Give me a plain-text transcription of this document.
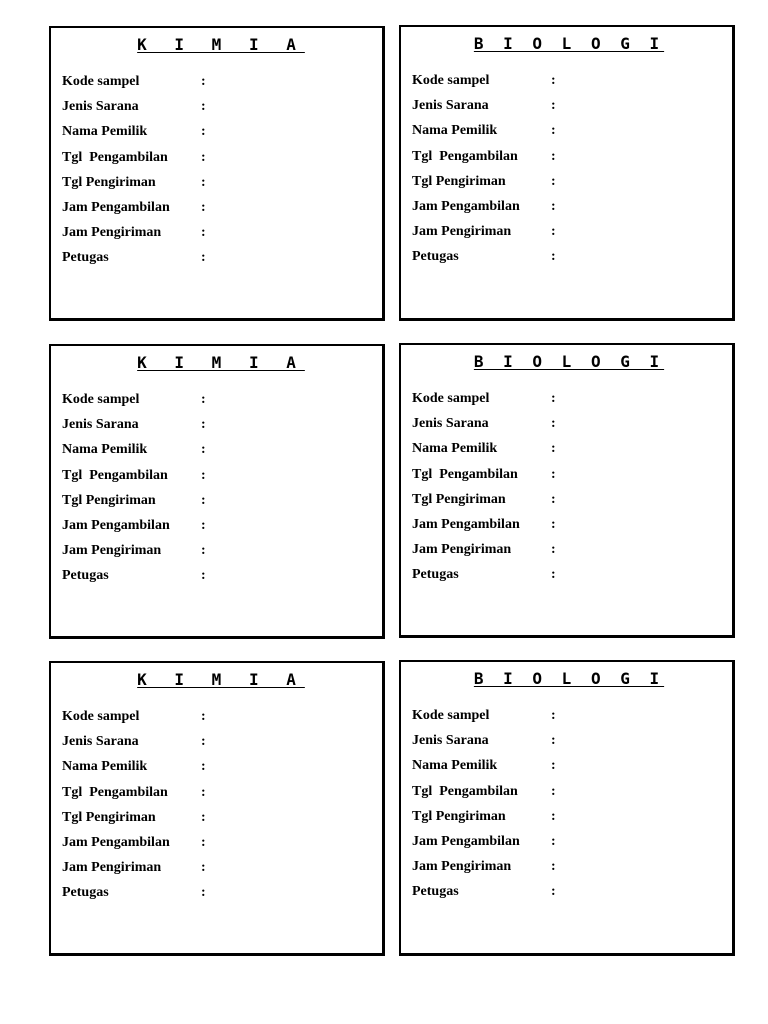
K I M I A
Kode sampel	:
Jenis Sarana	:
Nama Pemilik	:
Tgl  Pengambilan	:
Tgl Pengiriman	:
Jam Pengambilan	:
Jam Pengiriman	:
Petugas	:
B I O L O G I
Kode sampel	:
Jenis Sarana	:
Nama Pemilik	:
Tgl  Pengambilan	:
Tgl Pengiriman	:
Jam Pengambilan	:
Jam Pengiriman	:
Petugas	:
K I M I A
Kode sampel	:
Jenis Sarana	:
Nama Pemilik	:
Tgl  Pengambilan	:
Tgl Pengiriman	:
Jam Pengambilan	:
Jam Pengiriman	:
Petugas	:
B I O L O G I
Kode sampel	:
Jenis Sarana	:
Nama Pemilik	:
Tgl  Pengambilan	:
Tgl Pengiriman	:
Jam Pengambilan	:
Jam Pengiriman	:
Petugas	:
K I M I A
Kode sampel	:
Jenis Sarana	:
Nama Pemilik	:
Tgl  Pengambilan	:
Tgl Pengiriman	:
Jam Pengambilan	:
Jam Pengiriman	:
Petugas	:
B I O L O G I
Kode sampel	:
Jenis Sarana	:
Nama Pemilik	:
Tgl  Pengambilan	:
Tgl Pengiriman	:
Jam Pengambilan	:
Jam Pengiriman	:
Petugas	:
